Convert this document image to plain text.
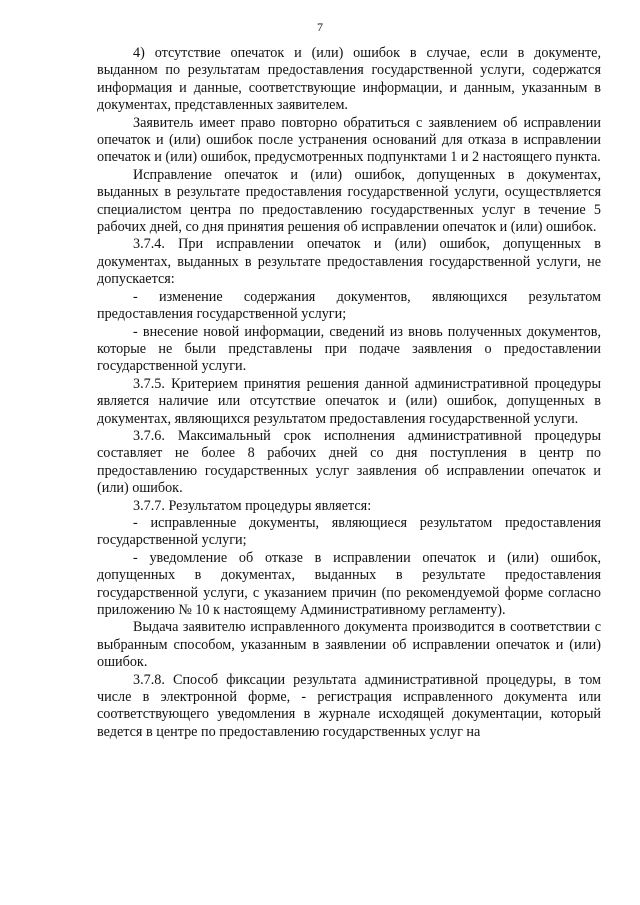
7

4) отсутствие опечаток и (или) ошибок в случае, если в документе, выданном по результатам предоставления государственной услуги, содержатся информация и данные, соответствующие информации, и данным, указанным в документах, представленных заявителем.

Заявитель имеет право повторно обратиться с заявлением об исправлении опечаток и (или) ошибок после устранения оснований для отказа в исправлении опечаток и (или) ошибок, предусмотренных подпунктами 1 и 2 настоящего пункта.

Исправление опечаток и (или) ошибок, допущенных в документах, выданных в результате предоставления государственной услуги, осуществляется специалистом центра по предоставлению государственных услуг в течение 5 рабочих дней, со дня принятия решения об исправлении опечаток и (или) ошибок.

3.7.4. При исправлении опечаток и (или) ошибок, допущенных в документах, выданных в результате предоставления государственной услуги, не допускается:

- изменение содержания документов, являющихся результатом предоставления государственной услуги;

- внесение новой информации, сведений из вновь полученных документов, которые не были представлены при подаче заявления о предоставлении государственной услуги.

3.7.5. Критерием принятия решения данной административной процедуры является наличие или отсутствие опечаток и (или) ошибок, допущенных в документах, являющихся результатом предоставления государственной услуги.

3.7.6. Максимальный срок исполнения административной процедуры составляет не более 8 рабочих дней со дня поступления в центр по предоставлению государственных услуг заявления об исправлении опечаток и (или) ошибок.

3.7.7. Результатом процедуры является:

- исправленные документы, являющиеся результатом предоставления государственной услуги;

- уведомление об отказе в исправлении опечаток и (или) ошибок, допущенных в документах, выданных в результате предоставления государственной услуги, с указанием причин (по рекомендуемой форме согласно приложению № 10 к настоящему Административному регламенту).

Выдача заявителю исправленного документа производится в соответствии с выбранным способом, указанным в заявлении об исправлении опечаток и (или) ошибок.

3.7.8. Способ фиксации результата административной процедуры, в том числе в электронной форме, - регистрация исправленного документа или соответствующего уведомления в журнале исходящей документации, который ведется в центре по предоставлению государственных услуг на
